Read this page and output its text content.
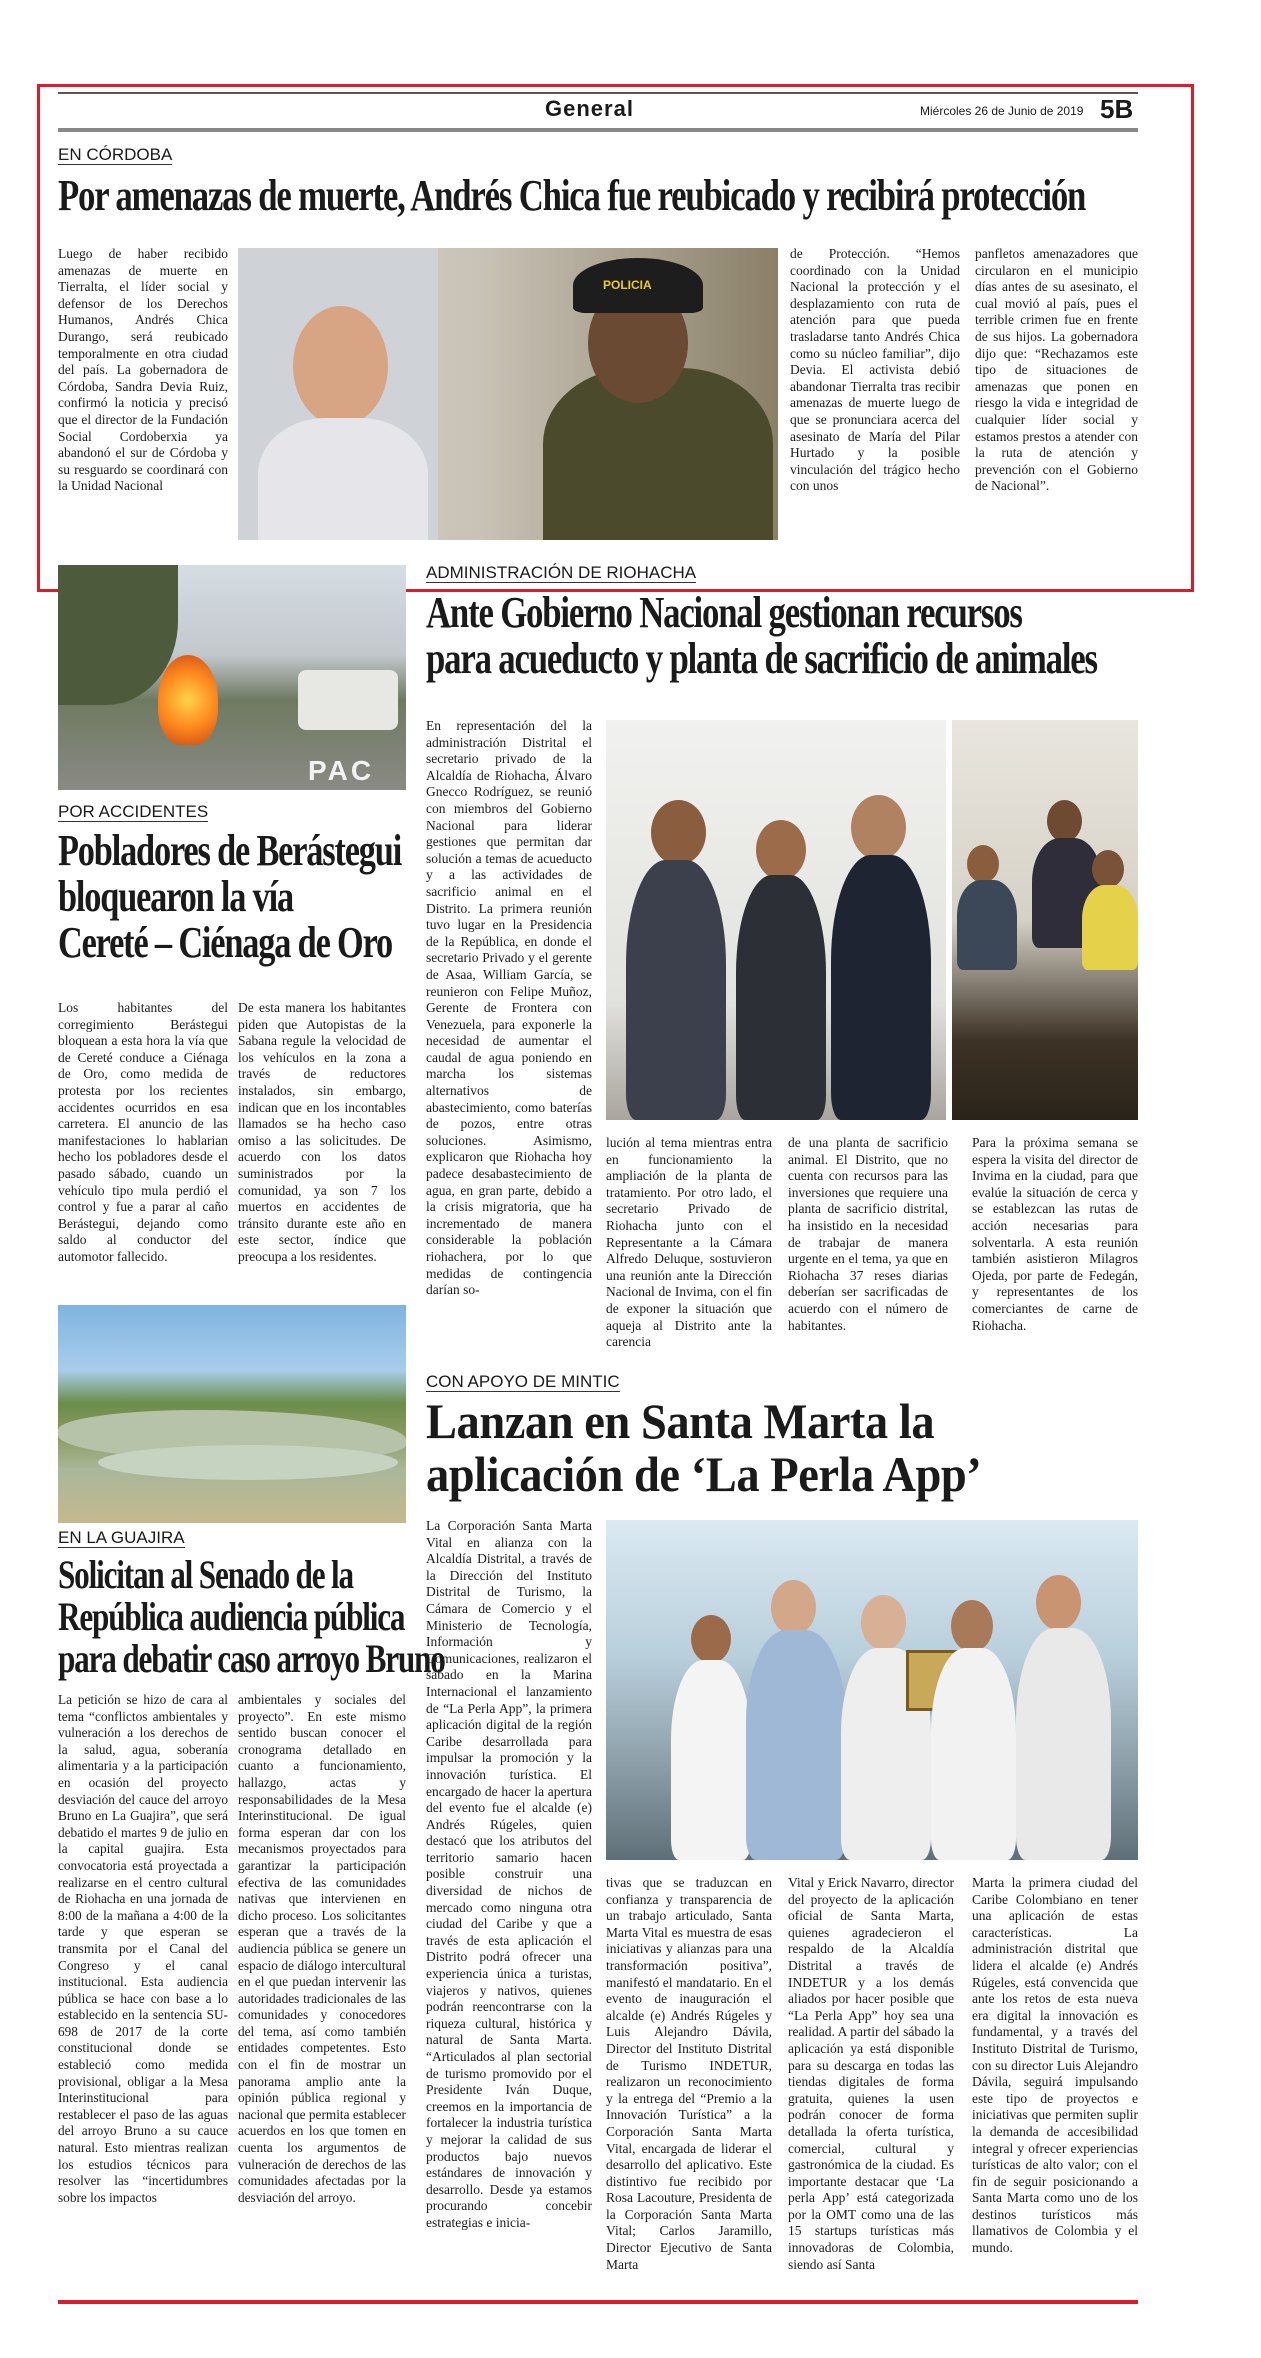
General	Miércoles 26 de Junio de 2019 5B
EN CÓRDOBA
Por amenazas de muerte, Andrés Chica fue reubicado y recibirá protección
Luego de haber recibido amenazas de muerte en Tierralta, el líder social y defensor de los Derechos Humanos, Andrés Chica Durango, será reubicado temporalmente en otra ciudad del país. La gobernadora de Córdoba, Sandra Devia Ruiz, confirmó la noticia y precisó que el director de la Fundación Social Cordoberxia ya abandonó el sur de Córdoba y su resguardo se coordinará con la Unidad Nacional
POLICIA
de Protección. “Hemos coordinado con la Unidad Nacional la protección y el desplazamiento con ruta de atención para que pueda trasladarse tanto Andrés Chica como su núcleo familiar”, dijo Devia. El activista debió abandonar Tierralta tras recibir amenazas de muerte luego de que se pronunciara acerca del asesinato de María del Pilar Hurtado y la posible vinculación del trágico hecho con unos
panfletos amenazadores que circularon en el municipio días antes de su asesinato, el cual movió al país, pues el terrible crimen fue en frente de sus hijos. La gobernadora dijo que: “Rechazamos este tipo de situaciones de amenazas que ponen en riesgo la vida e integridad de cualquier líder social y estamos prestos a atender con la ruta de atención y prevención con el Gobierno de Nacional”.
PAC
POR ACCIDENTES
Pobladores de Berástegui
bloquearon la vía
Cereté – Ciénaga de Oro
Los habitantes del corregimiento Berástegui bloquean a esta hora la vía que de Cereté conduce a Ciénaga de Oro, como medida de protesta por los recientes accidentes ocurridos en esa carretera. El anuncio de las manifestaciones lo hablarian hecho los pobladores desde el pasado sábado, cuando un vehículo tipo mula perdió el control y fue a parar al caño Berástegui, dejando como saldo al conductor del automotor fallecido.
De esta manera los habitantes piden que Autopistas de la Sabana regule la velocidad de los vehículos en la zona a través de reductores instalados, sin embargo, indican que en los incontables llamados se ha hecho caso omiso a las solicitudes. De acuerdo con los datos suministrados por la comunidad, ya son 7 los muertos en accidentes de tránsito durante este año en este sector, índice que preocupa a los residentes.
ADMINISTRACIÓN DE RIOHACHA
Ante Gobierno Nacional gestionan recursos
para acueducto y planta de sacrificio de animales
En representación del la administración Distrital el secretario privado de la Alcaldía de Riohacha, Álvaro Gnecco Rodríguez, se reunió con miembros del Gobierno Nacional para liderar gestiones que permitan dar solución a temas de acueducto y a las actividades de sacrificio animal en el Distrito. La primera reunión tuvo lugar en la Presidencia de la República, en donde el secretario Privado y el gerente de Asaa, William García, se reunieron con Felipe Muñoz, Gerente de Frontera con Venezuela, para exponerle la necesidad de aumentar el caudal de agua poniendo en marcha los sistemas alternativos de abastecimiento, como baterías de pozos, entre otras soluciones. Asimismo, explicaron que Riohacha hoy padece desabastecimiento de agua, en gran parte, debido a la crisis migratoria, que ha incrementado de manera considerable la población riohachera, por lo que medidas de contingencia darían so-
lución al tema mientras entra en funcionamiento la ampliación de la planta de tratamiento. Por otro lado, el secretario Privado de Riohacha junto con el Representante a la Cámara Alfredo Deluque, sostuvieron una reunión ante la Dirección Nacional de Invima, con el fin de exponer la situación que aqueja al Distrito ante la carencia
de una planta de sacrificio animal. El Distrito, que no cuenta con recursos para las inversiones que requiere una planta de sacrificio distrital, ha insistido en la necesidad de trabajar de manera urgente en el tema, ya que en Riohacha 37 reses diarias deberían ser sacrificadas de acuerdo con el número de habitantes.
Para la próxima semana se espera la visita del director de Invima en la ciudad, para que evalúe la situación de cerca y se establezcan las rutas de acción necesarias para solventarla. A esta reunión también asistieron Milagros Ojeda, por parte de Fedegán, y representantes de los comerciantes de carne de Riohacha.
EN LA GUAJIRA
Solicitan al Senado de la
República audiencia pública
para debatir caso arroyo Bruno
La petición se hizo de cara al tema “conflictos ambientales y vulneración a los derechos de la salud, agua, soberanía alimentaria y a la participación en ocasión del proyecto desviación del cauce del arroyo Bruno en La Guajira”, que será debatido el martes 9 de julio en la capital guajira. Esta convocatoria está proyectada a realizarse en el centro cultural de Riohacha en una jornada de 8:00 de la mañana a 4:00 de la tarde y que esperan se transmita por el Canal del Congreso y el canal institucional. Esta audiencia pública se hace con base a lo establecido en la sentencia SU-698 de 2017 de la corte constitucional donde se estableció como medida provisional, obligar a la Mesa Interinstitucional para restablecer el paso de las aguas del arroyo Bruno a su cauce natural. Esto mientras realizan los estudios técnicos para resolver las “incertidumbres sobre los impactos
ambientales y sociales del proyecto”. En este mismo sentido buscan conocer el cronograma detallado en cuanto a funcionamiento, hallazgo, actas y responsabilidades de la Mesa Interinstitucional. De igual forma esperan dar con los mecanismos proyectados para garantizar la participación efectiva de las comunidades nativas que intervienen en dicho proceso. Los solicitantes esperan que a través de la audiencia pública se genere un espacio de diálogo intercultural en el que puedan intervenir las autoridades tradicionales de las comunidades y conocedores del tema, así como también entidades competentes. Esto con el fin de mostrar un panorama amplio ante la opinión pública regional y nacional que permita establecer acuerdos en los que tomen en cuenta los argumentos de vulneración de derechos de las comunidades afectadas por la desviación del arroyo.
CON APOYO DE MINTIC
Lanzan en Santa Marta la
aplicación de ‘La Perla App’
La Corporación Santa Marta Vital en alianza con la Alcaldía Distrital, a través de la Dirección del Instituto Distrital de Turismo, la Cámara de Comercio y el Ministerio de Tecnología, Información y Comunicaciones, realizaron el sábado en la Marina Internacional el lanzamiento de “La Perla App”, la primera aplicación digital de la región Caribe desarrollada para impulsar la promoción y la innovación turística. El encargado de hacer la apertura del evento fue el alcalde (e) Andrés Rúgeles, quien destacó que los atributos del territorio samario hacen posible construir una diversidad de nichos de mercado como ninguna otra ciudad del Caribe y que a través de esta aplicación el Distrito podrá ofrecer una experiencia única a turistas, viajeros y nativos, quienes podrán reencontrarse con la riqueza cultural, histórica y natural de Santa Marta. “Articulados al plan sectorial de turismo promovido por el Presidente Iván Duque, creemos en la importancia de fortalecer la industria turística y mejorar la calidad de sus productos bajo nuevos estándares de innovación y desarrollo. Desde ya estamos procurando concebir estrategias e inicia-
tivas que se traduzcan en confianza y transparencia de un trabajo articulado, Santa Marta Vital es muestra de esas iniciativas y alianzas para una transformación positiva”, manifestó el mandatario. En el evento de inauguración el alcalde (e) Andrés Rúgeles y Luis Alejandro Dávila, Director del Instituto Distrital de Turismo INDETUR, realizaron un reconocimiento y la entrega del “Premio a la Innovación Turística” a la Corporación Santa Marta Vital, encargada de liderar el desarrollo del aplicativo. Este distintivo fue recibido por Rosa Lacouture, Presidenta de la Corporación Santa Marta Vital; Carlos Jaramillo, Director Ejecutivo de Santa Marta
Vital y Erick Navarro, director del proyecto de la aplicación oficial de Santa Marta, quienes agradecieron el respaldo de la Alcaldía Distrital a través de INDETUR y a los demás aliados por hacer posible que “La Perla App” hoy sea una realidad. A partir del sábado la aplicación ya está disponible para su descarga en todas las tiendas digitales de forma gratuita, quienes la usen podrán conocer de forma detallada la oferta turística, comercial, cultural y gastronómica de la ciudad. Es importante destacar que ‘La perla App’ está categorizada por la OMT como una de las 15 startups turísticas más innovadoras de Colombia, siendo así Santa
Marta la primera ciudad del Caribe Colombiano en tener una aplicación de estas características. La administración distrital que lidera el alcalde (e) Andrés Rúgeles, está convencida que ante los retos de esta nueva era digital la innovación es fundamental, y a través del Instituto Distrital de Turismo, con su director Luis Alejandro Dávila, seguirá impulsando este tipo de proyectos e iniciativas que permiten suplir la demanda de accesibilidad integral y ofrecer experiencias turísticas de alto valor; con el fin de seguir posicionando a Santa Marta como uno de los destinos turísticos más llamativos de Colombia y el mundo.
